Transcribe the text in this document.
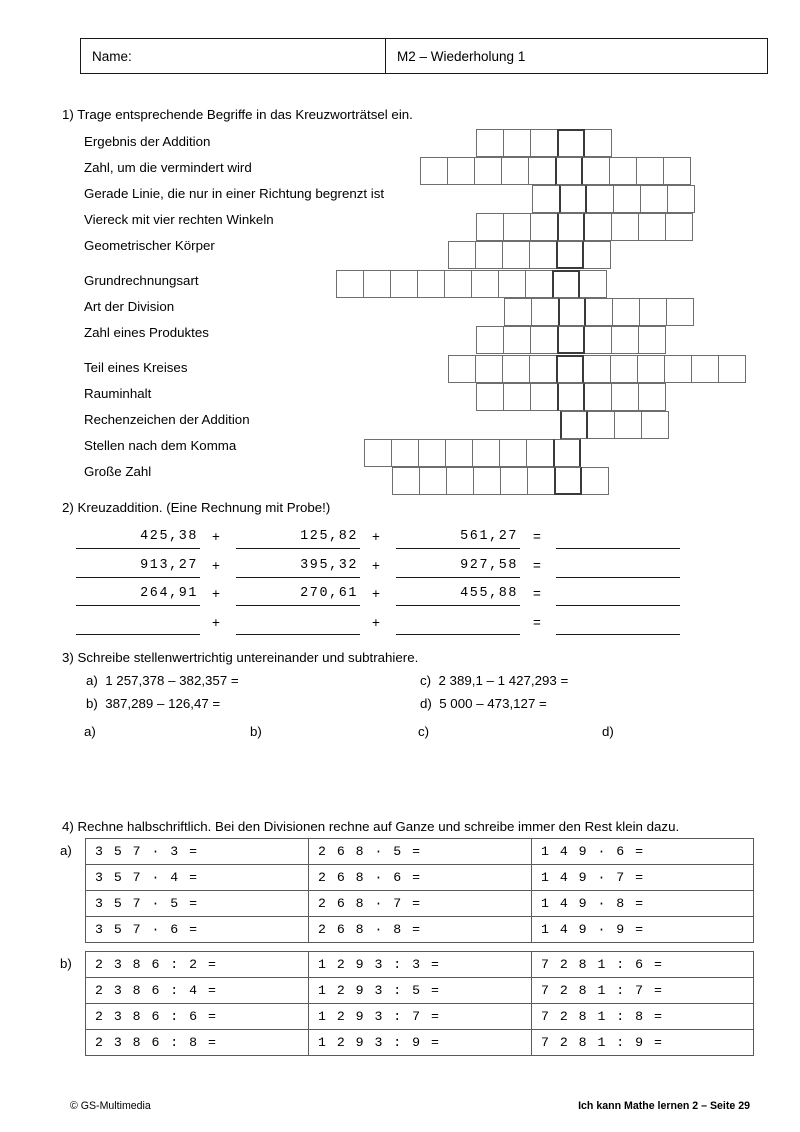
Name:	M2 – Wiederholung 1
1) Trage entsprechende Begriffe in das Kreuzworträtsel ein.
Ergebnis der Addition
Zahl, um die vermindert wird
Gerade Linie, die nur in einer Richtung begrenzt ist
Viereck mit vier rechten Winkeln
Geometrischer Körper
Grundrechnungsart
Art der Division
Zahl eines Produktes
Teil eines Kreises
Rauminhalt
Rechenzeichen der Addition
Stellen nach dem Komma
Große Zahl
2) Kreuzaddition. (Eine Rechnung mit Probe!)
425,38 +	125,82 +	561,27 =
913,27 +	395,32 +	927,58 =
264,91 +	270,61 +	455,88 =
+	+	=
3) Schreibe stellenwertrichtig untereinander und subtrahiere.
a) 1 257,378 – 382,357 =
b) 387,289 – 126,47 =
c) 2 389,1 – 1 427,293 =
d) 5 000 – 473,127 =
a)	b)	c)	d)
4) Rechne halbschriftlich. Bei den Divisionen rechne auf Ganze und schreibe immer den Rest klein dazu.
a) 3 5 7 · 3 =	2 6 8 · 5 =	1 4 9 · 6 =
3 5 7 · 4 =	2 6 8 · 6 =	1 4 9 · 7 =
3 5 7 · 5 =	2 6 8 · 7 =	1 4 9 · 8 =
3 5 7 · 6 =	2 6 8 · 8 =	1 4 9 · 9 =
b) 2 3 8 6 : 2 =	1 2 9 3 : 3 =	7 2 8 1 : 6 =
2 3 8 6 : 4 =	1 2 9 3 : 5 =	7 2 8 1 : 7 =
2 3 8 6 : 6 =	1 2 9 3 : 7 =	7 2 8 1 : 8 =
2 3 8 6 : 8 =	1 2 9 3 : 9 =	7 2 8 1 : 9 =
© GS-Multimedia	Ich kann Mathe lernen 2 – Seite 29
